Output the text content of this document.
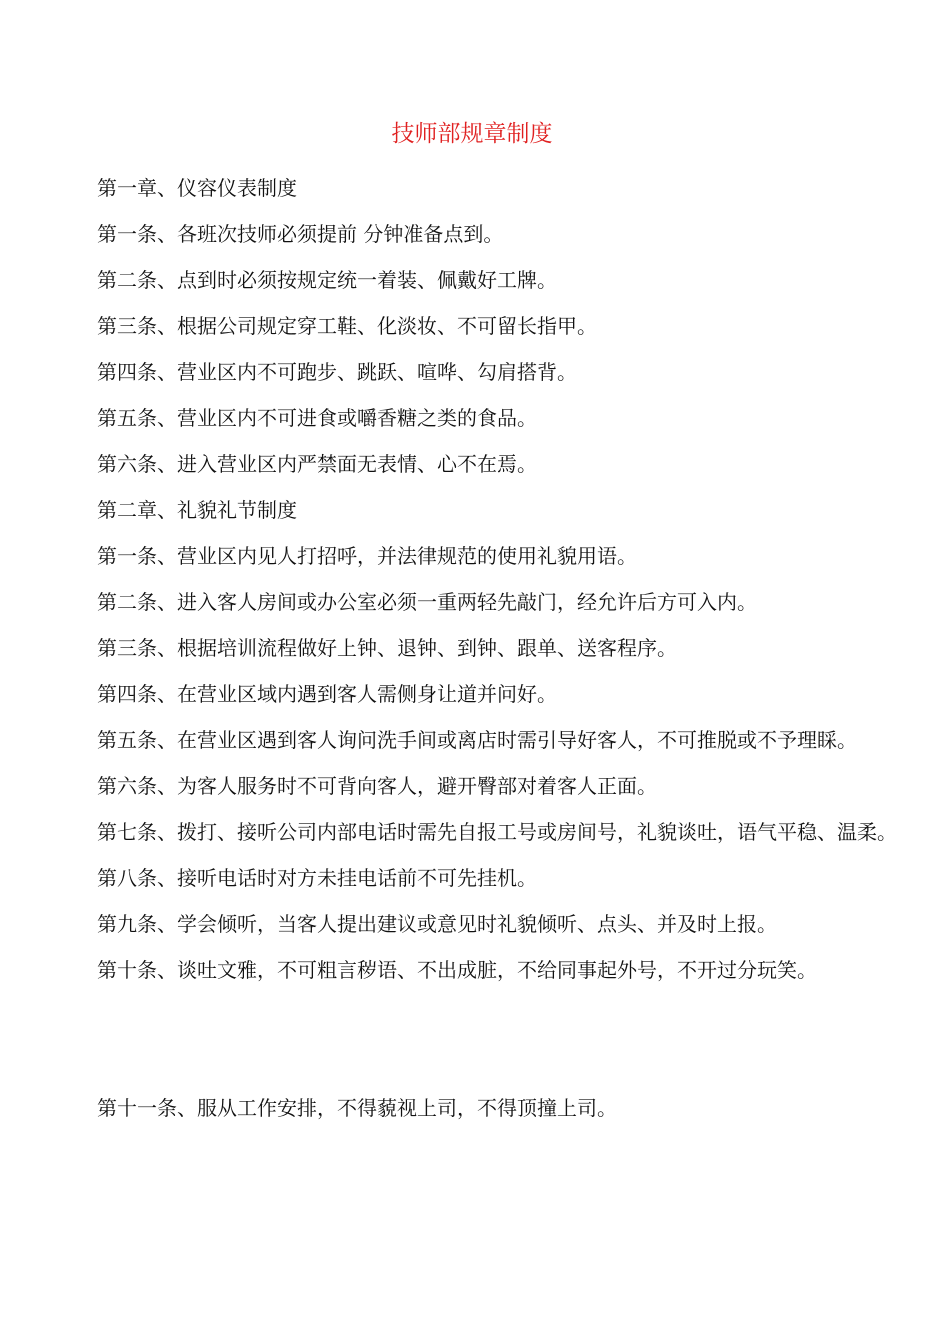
技师部规章制度

第一章、仪容仪表制度

第一条、各班次技师必须提前 分钟准备点到。

第二条、点到时必须按规定统一着装、佩戴好工牌。

第三条、根据公司规定穿工鞋、化淡妆、不可留长指甲。

第四条、营业区内不可跑步、跳跃、喧哗、勾肩搭背。

第五条、营业区内不可进食或嚼香糖之类的食品。

第六条、进入营业区内严禁面无表情、心不在焉。

第二章、礼貌礼节制度

第一条、营业区内见人打招呼，并法律规范的使用礼貌用语。

第二条、进入客人房间或办公室必须一重两轻先敲门，经允许后方可入内。

第三条、根据培训流程做好上钟、退钟、到钟、跟单、送客程序。

第四条、在营业区域内遇到客人需侧身让道并问好。

第五条、在营业区遇到客人询问洗手间或离店时需引导好客人，不可推脱或不予理睬。

第六条、为客人服务时不可背向客人，避开臀部对着客人正面。

第七条、拨打、接听公司内部电话时需先自报工号或房间号，礼貌谈吐，语气平稳、温柔。

第八条、接听电话时对方未挂电话前不可先挂机。

第九条、学会倾听，当客人提出建议或意见时礼貌倾听、点头、并及时上报。

第十条、谈吐文雅，不可粗言秽语、不出成脏，不给同事起外号，不开过分玩笑。

第十一条、服从工作安排，不得藐视上司，不得顶撞上司。
